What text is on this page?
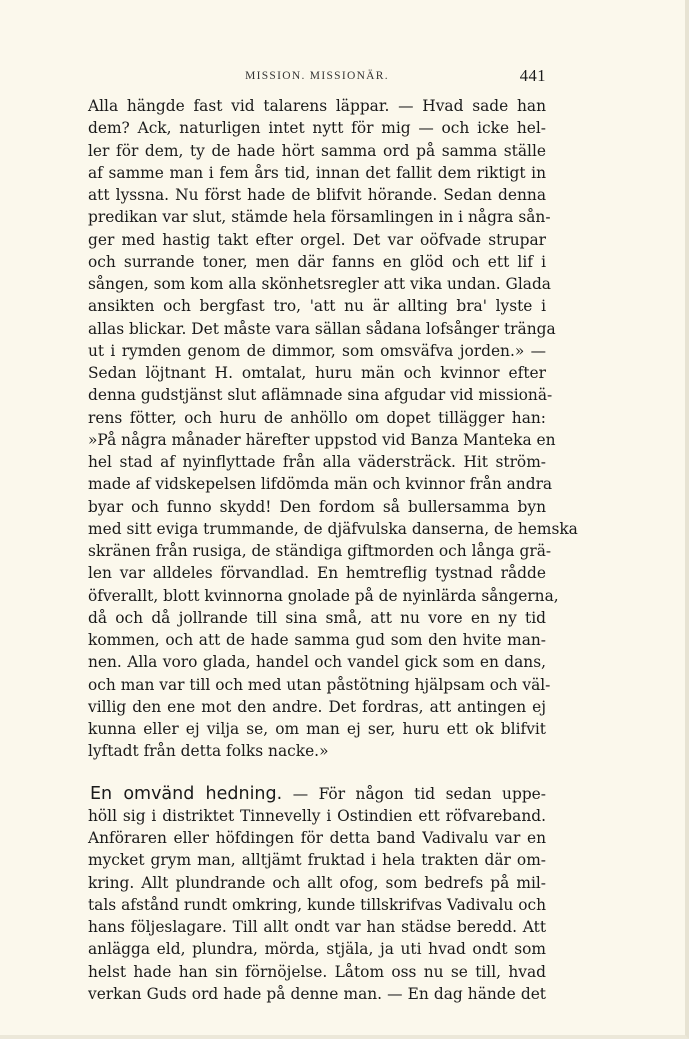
MISSION. MISSIONÄR.	441
Alla hängde fast vid talarens läppar. — Hvad sade han
dem? Ack, naturligen intet nytt för mig — och icke hel-
ler för dem, ty de hade hört samma ord på samma ställe
af samme man i fem års tid, innan det fallit dem riktigt in
att lyssna. Nu först hade de blifvit hörande. Sedan denna
predikan var slut, stämde hela församlingen in i några sån-
ger med hastig takt efter orgel. Det var oöfvade strupar
och surrande toner, men där fanns en glöd och ett lif i
sången, som kom alla skönhetsregler att vika undan. Glada
ansikten och bergfast tro, 'att nu är allting bra' lyste i
allas blickar. Det måste vara sällan sådana lofsånger tränga
ut i rymden genom de dimmor, som omsväfva jorden.» —
Sedan löjtnant H. omtalat, huru män och kvinnor efter
denna gudstjänst slut aflämnade sina afgudar vid missionä-
rens fötter, och huru de anhöllo om dopet tillägger han:
»På några månader härefter uppstod vid Banza Manteka en
hel stad af nyinflyttade från alla vädersträck. Hit ström-
made af vidskepelsen lifdömda män och kvinnor från andra
byar och funno skydd! Den fordom så bullersamma byn
med sitt eviga trummande, de djäfvulska danserna, de hemska
skränen från rusiga, de ständiga giftmorden och långa grä-
len var alldeles förvandlad. En hemtreflig tystnad rådde
öfverallt, blott kvinnorna gnolade på de nyinlärda sångerna,
då och då jollrande till sina små, att nu vore en ny tid
kommen, och att de hade samma gud som den hvite man-
nen. Alla voro glada, handel och vandel gick som en dans,
och man var till och med utan påstötning hjälpsam och väl-
villig den ene mot den andre. Det fordras, att antingen ej
kunna eller ej vilja se, om man ej ser, huru ett ok blifvit
lyftadt från detta folks nacke.»
En omvänd hedning. — För någon tid sedan uppe-
höll sig i distriktet Tinnevelly i Ostindien ett röfvareband.
Anföraren eller höfdingen för detta band Vadivalu var en
mycket grym man, alltjämt fruktad i hela trakten där om-
kring. Allt plundrande och allt ofog, som bedrefs på mil-
tals afstånd rundt omkring, kunde tillskrifvas Vadivalu och
hans följeslagare. Till allt ondt var han städse beredd. Att
anlägga eld, plundra, mörda, stjäla, ja uti hvad ondt som
helst hade han sin förnöjelse. Låtom oss nu se till, hvad
verkan Guds ord hade på denne man. — En dag hände det
